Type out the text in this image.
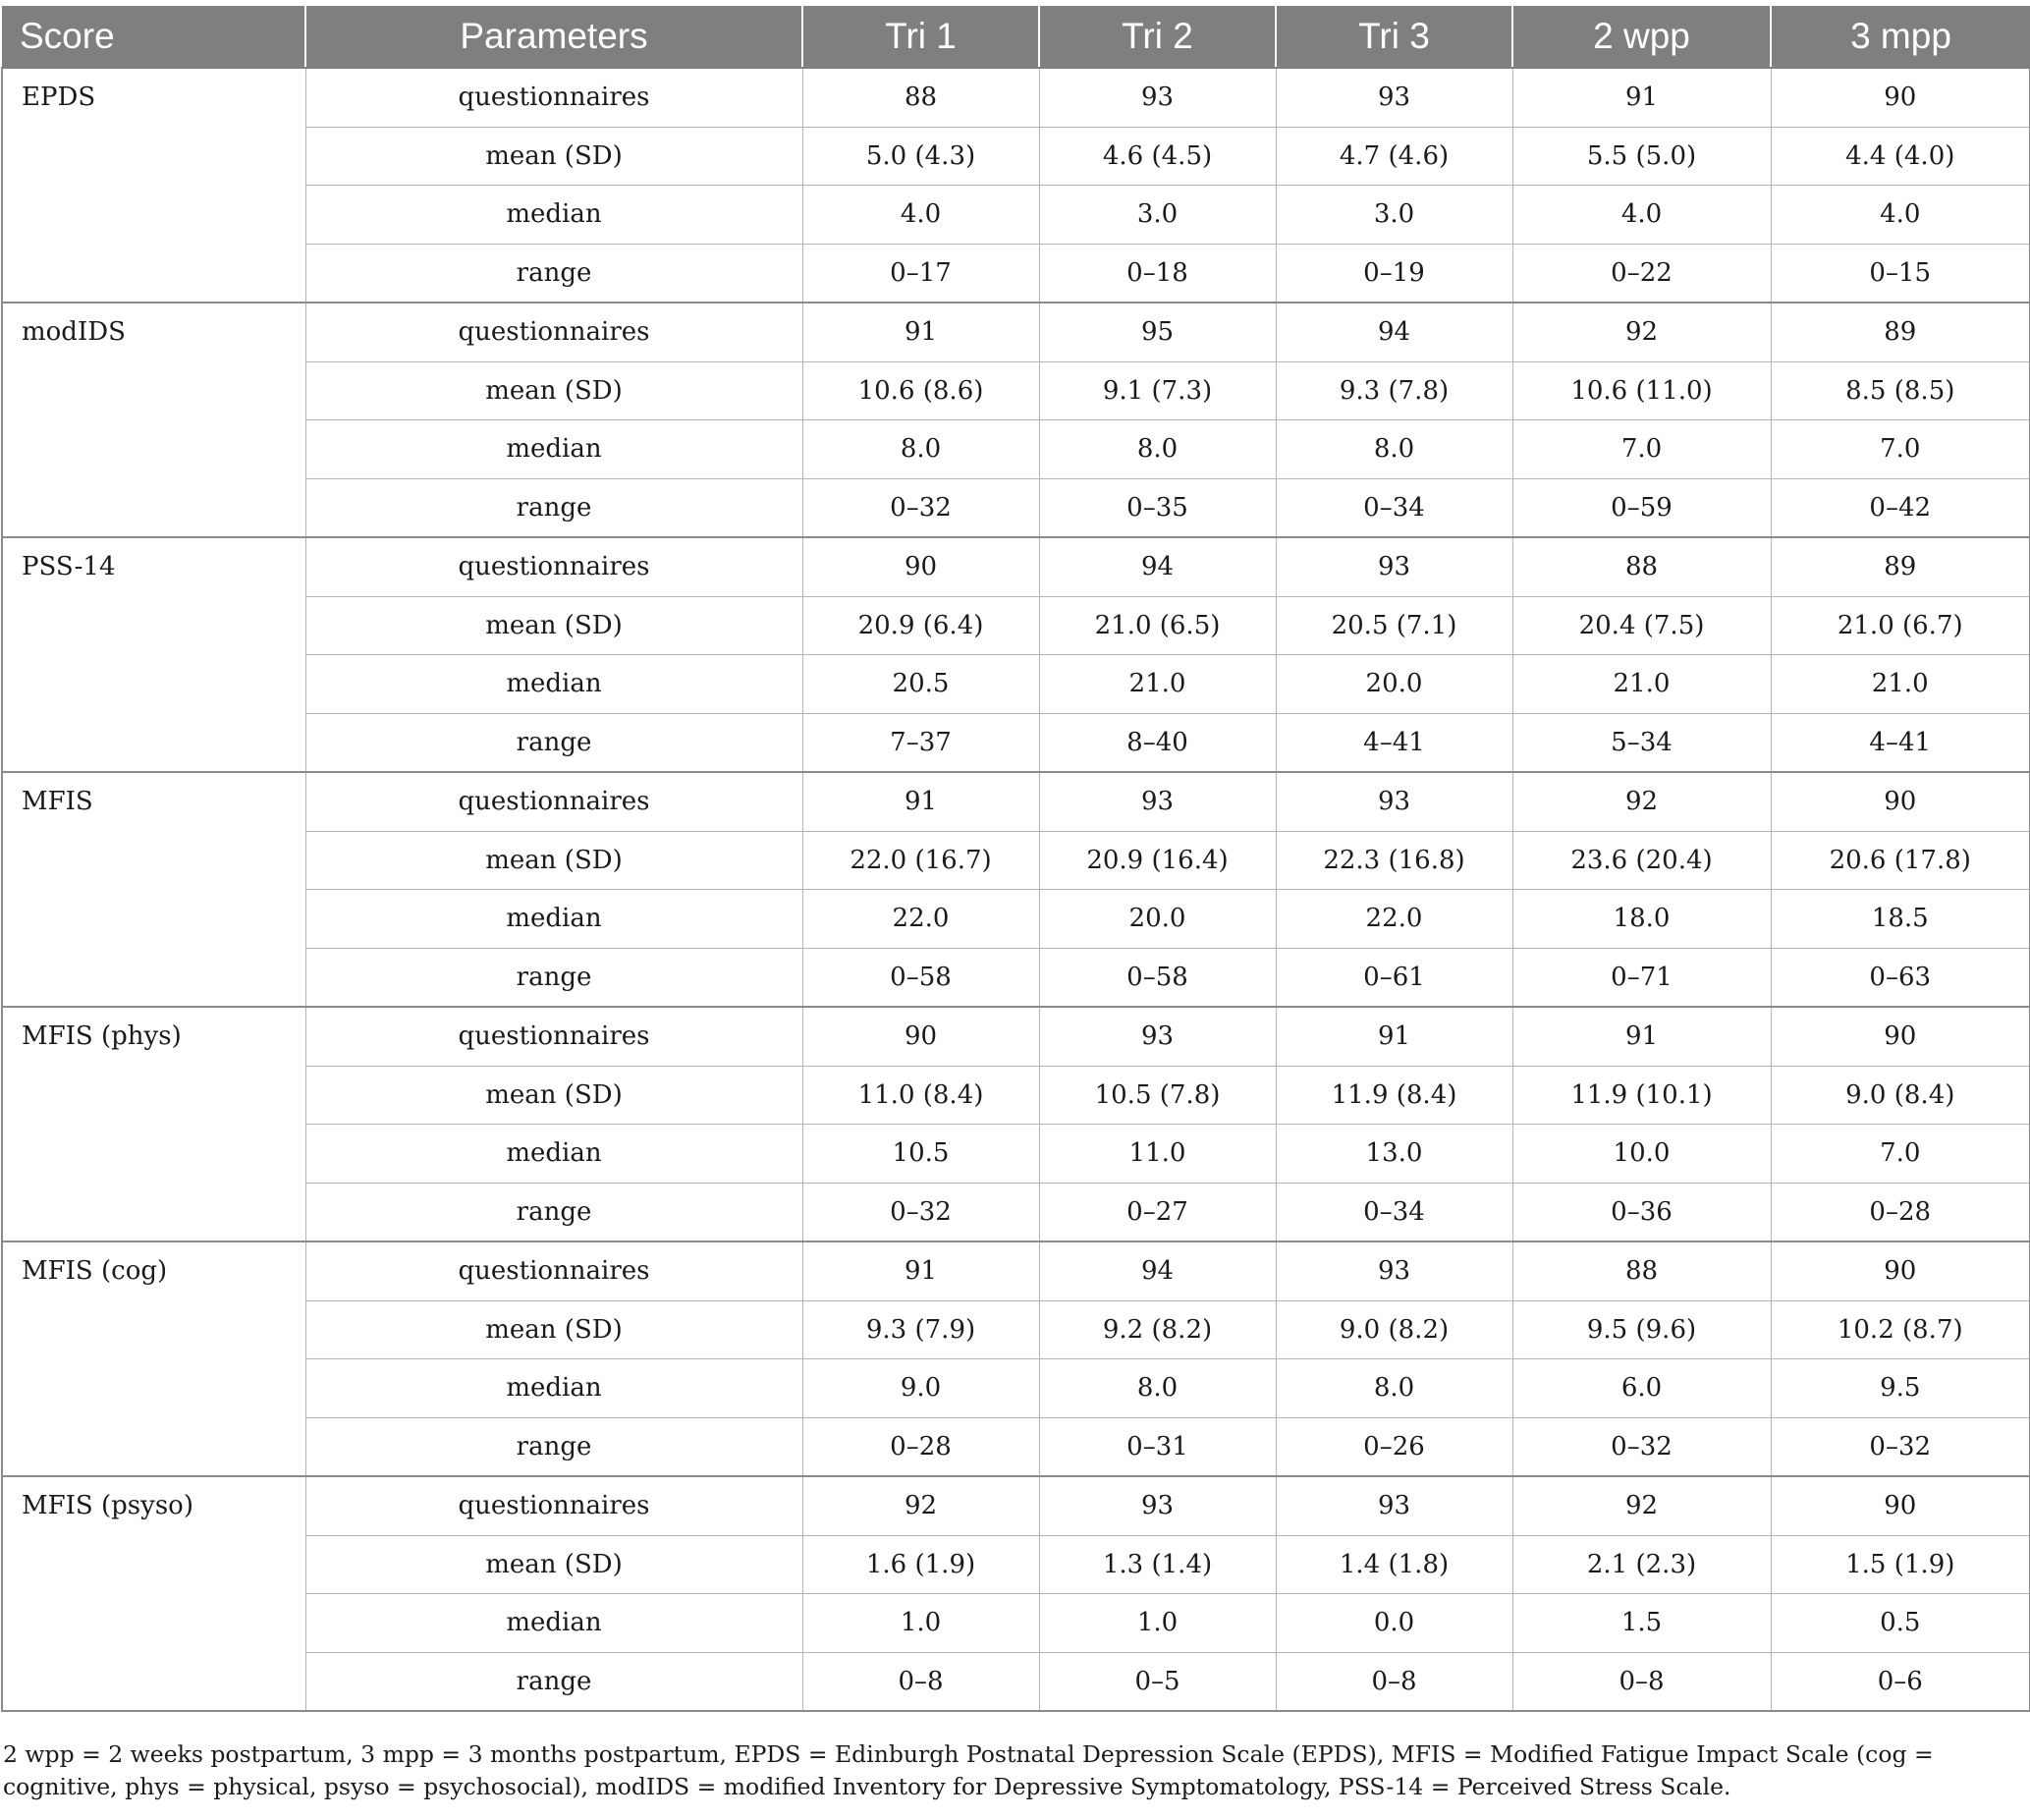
Score	Parameters	Tri 1	Tri 2	Tri 3	2 wpp	3 mpp
EPDS	questionnaires	88	93	93	91	90
	mean (SD)	5.0 (4.3)	4.6 (4.5)	4.7 (4.6)	5.5 (5.0)	4.4 (4.0)
	median	4.0	3.0	3.0	4.0	4.0
	range	0–17	0–18	0–19	0–22	0–15
modIDS	questionnaires	91	95	94	92	89
	mean (SD)	10.6 (8.6)	9.1 (7.3)	9.3 (7.8)	10.6 (11.0)	8.5 (8.5)
	median	8.0	8.0	8.0	7.0	7.0
	range	0–32	0–35	0–34	0–59	0–42
PSS-14	questionnaires	90	94	93	88	89
	mean (SD)	20.9 (6.4)	21.0 (6.5)	20.5 (7.1)	20.4 (7.5)	21.0 (6.7)
	median	20.5	21.0	20.0	21.0	21.0
	range	7–37	8–40	4–41	5–34	4–41
MFIS	questionnaires	91	93	93	92	90
	mean (SD)	22.0 (16.7)	20.9 (16.4)	22.3 (16.8)	23.6 (20.4)	20.6 (17.8)
	median	22.0	20.0	22.0	18.0	18.5
	range	0–58	0–58	0–61	0–71	0–63
MFIS (phys)	questionnaires	90	93	91	91	90
	mean (SD)	11.0 (8.4)	10.5 (7.8)	11.9 (8.4)	11.9 (10.1)	9.0 (8.4)
	median	10.5	11.0	13.0	10.0	7.0
	range	0–32	0–27	0–34	0–36	0–28
MFIS (cog)	questionnaires	91	94	93	88	90
	mean (SD)	9.3 (7.9)	9.2 (8.2)	9.0 (8.2)	9.5 (9.6)	10.2 (8.7)
	median	9.0	8.0	8.0	6.0	9.5
	range	0–28	0–31	0–26	0–32	0–32
MFIS (psyso)	questionnaires	92	93	93	92	90
	mean (SD)	1.6 (1.9)	1.3 (1.4)	1.4 (1.8)	2.1 (2.3)	1.5 (1.9)
	median	1.0	1.0	0.0	1.5	0.5
	range	0–8	0–5	0–8	0–8	0–6

2 wpp = 2 weeks postpartum, 3 mpp = 3 months postpartum, EPDS = Edinburgh Postnatal Depression Scale (EPDS), MFIS = Modified Fatigue Impact Scale (cog = cognitive, phys = physical, psyso = psychosocial), modIDS = modified Inventory for Depressive Symptomatology, PSS-14 = Perceived Stress Scale.
